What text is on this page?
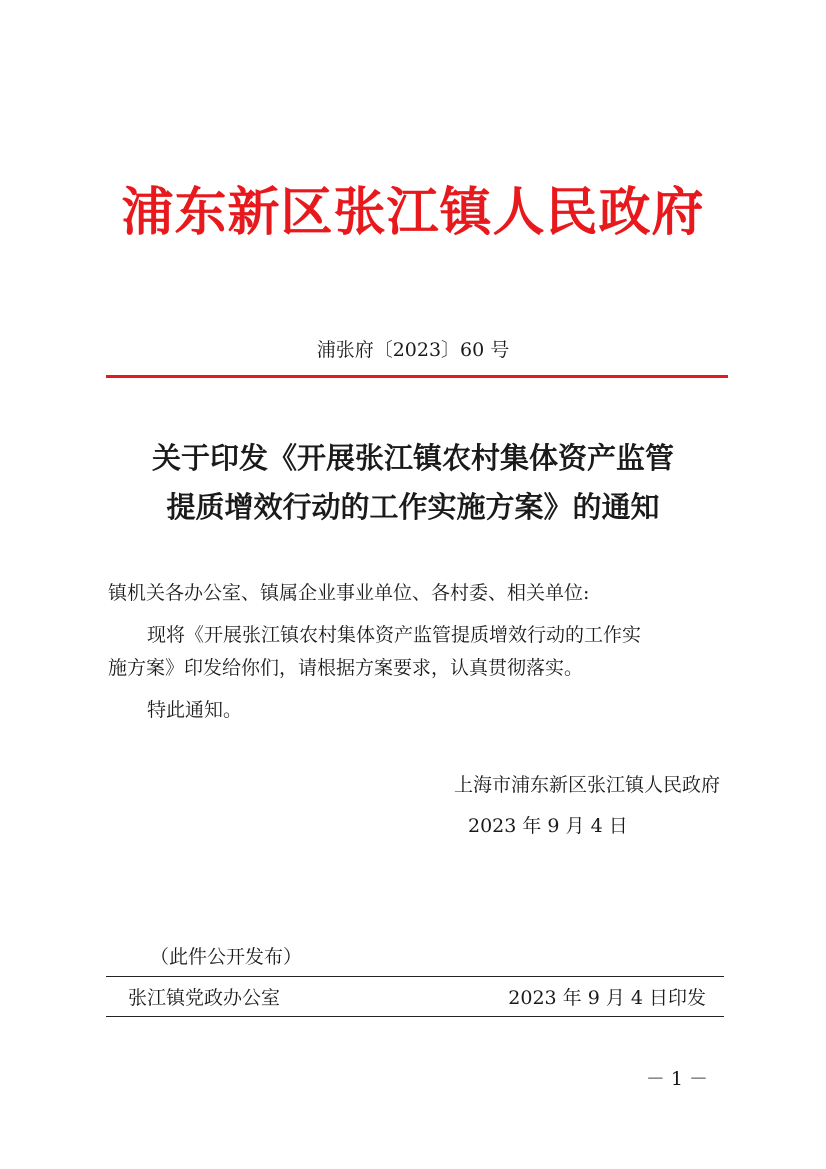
浦东新区张江镇人民政府
浦张府〔2023〕60 号
关于印发《开展张江镇农村集体资产监管
提质增效行动的工作实施方案》的通知
镇机关各办公室、镇属企业事业单位、各村委、相关单位:
现将《开展张江镇农村集体资产监管提质增效行动的工作实
施方案》印发给你们，请根据方案要求，认真贯彻落实。
特此通知。
上海市浦东新区张江镇人民政府
2023 年 9 月 4 日
（此件公开发布）
张江镇党政办公室	2023 年 9 月 4 日印发
－ 1 －
